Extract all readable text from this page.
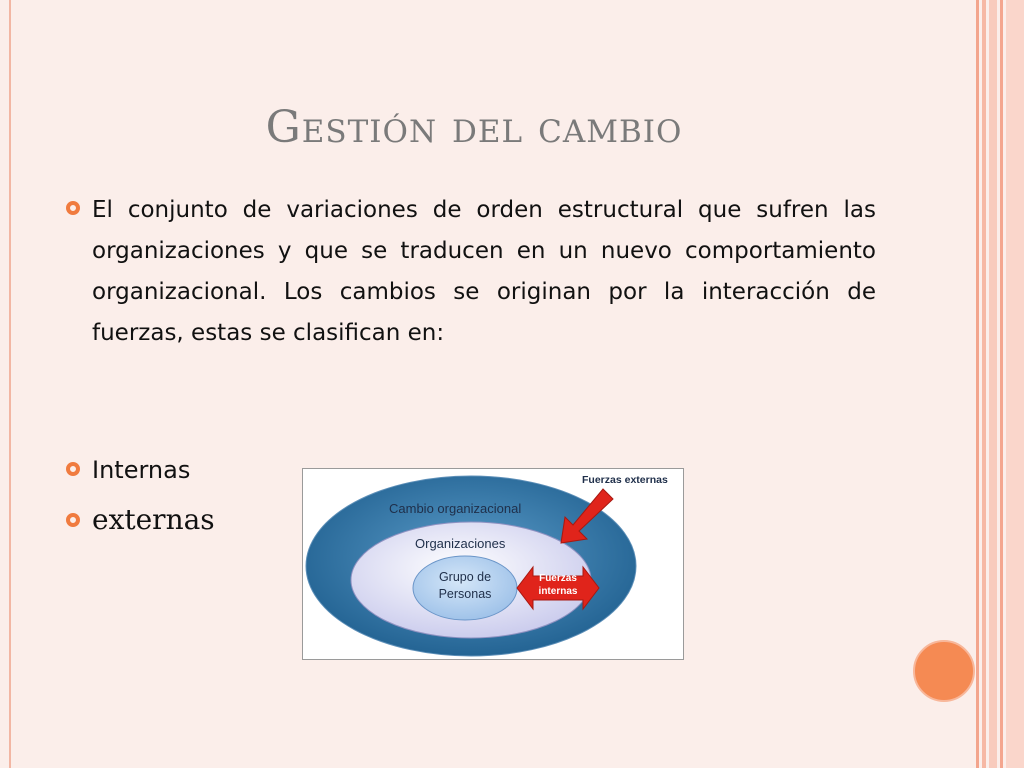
Gestión del cambio
El conjunto de variaciones de orden estructural que sufren las organizaciones y que se traducen en un nuevo comportamiento organizacional. Los cambios se originan por la interacción de fuerzas, estas se clasifican en:
Internas
externas	Cambio organizacional
Organizaciones
Grupo de
Personas
Fuerzas externas
Fuerzas
internas
